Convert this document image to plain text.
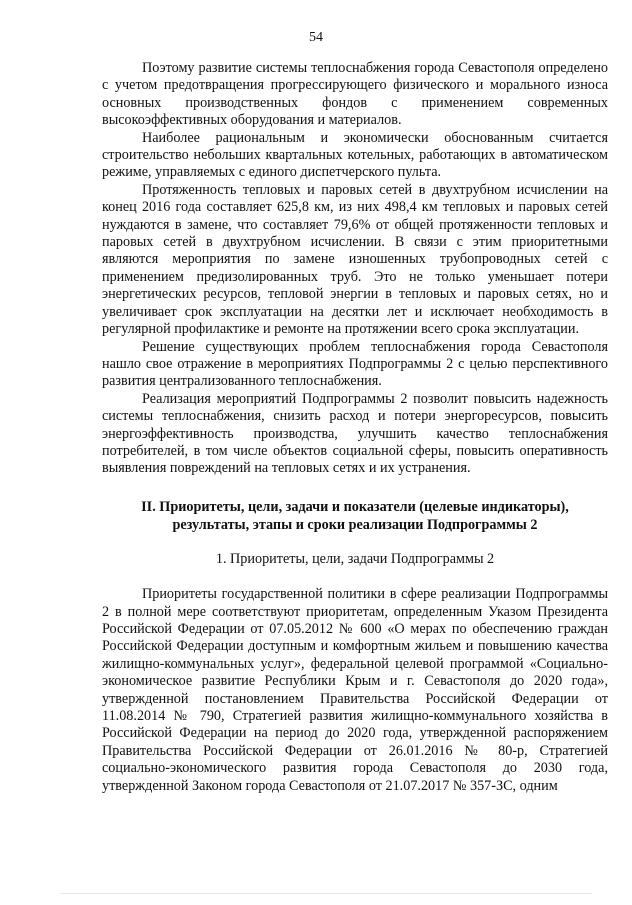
54

Поэтому развитие системы теплоснабжения города Севастополя определено с учетом предотвращения прогрессирующего физического и морального износа основных производственных фондов с применением современных высокоэффективных оборудования и материалов.

Наиболее рациональным и экономически обоснованным считается строительство небольших квартальных котельных, работающих в автоматическом режиме, управляемых с единого диспетчерского пульта.

Протяженность тепловых и паровых сетей в двухтрубном исчислении на конец 2016 года составляет 625,8 км, из них 498,4 км тепловых и паровых сетей нуждаются в замене, что составляет 79,6% от общей протяженности тепловых и паровых сетей в двухтрубном исчислении. В связи с этим приоритетными являются мероприятия по замене изношенных трубопроводных сетей с применением предизолированных труб. Это не только уменьшает потери энергетических ресурсов, тепловой энергии в тепловых и паровых сетях, но и увеличивает срок эксплуатации на десятки лет и исключает необходимость в регулярной профилактике и ремонте на протяжении всего срока эксплуатации.

Решение существующих проблем теплоснабжения города Севастополя нашло свое отражение в мероприятиях Подпрограммы 2 с целью перспективного развития централизованного теплоснабжения.

Реализация мероприятий Подпрограммы 2 позволит повысить надежность системы теплоснабжения, снизить расход и потери энергоресурсов, повысить энергоэффективность производства, улучшить качество теплоснабжения потребителей, в том числе объектов социальной сферы, повысить оперативность выявления повреждений на тепловых сетях и их устранения.

II. Приоритеты, цели, задачи и показатели (целевые индикаторы), результаты, этапы и сроки реализации Подпрограммы 2
1. Приоритеты, цели, задачи Подпрограммы 2

Приоритеты государственной политики в сфере реализации Подпрограммы 2 в полной мере соответствуют приоритетам, определенным Указом Президента Российской Федерации от 07.05.2012 № 600 «О мерах по обеспечению граждан Российской Федерации доступным и комфортным жильем и повышению качества жилищно-коммунальных услуг», федеральной целевой программой «Социально-экономическое развитие Республики Крым и г. Севастополя до 2020 года», утвержденной постановлением Правительства Российской Федерации от 11.08.2014 № 790, Стратегией развития жилищно-коммунального хозяйства в Российской Федерации на период до 2020 года, утвержденной распоряжением Правительства Российской Федерации от 26.01.2016 № 80-р, Стратегией социально-экономического развития города Севастополя до 2030 года, утвержденной Законом города Севастополя от 21.07.2017 № 357-ЗС, одним
